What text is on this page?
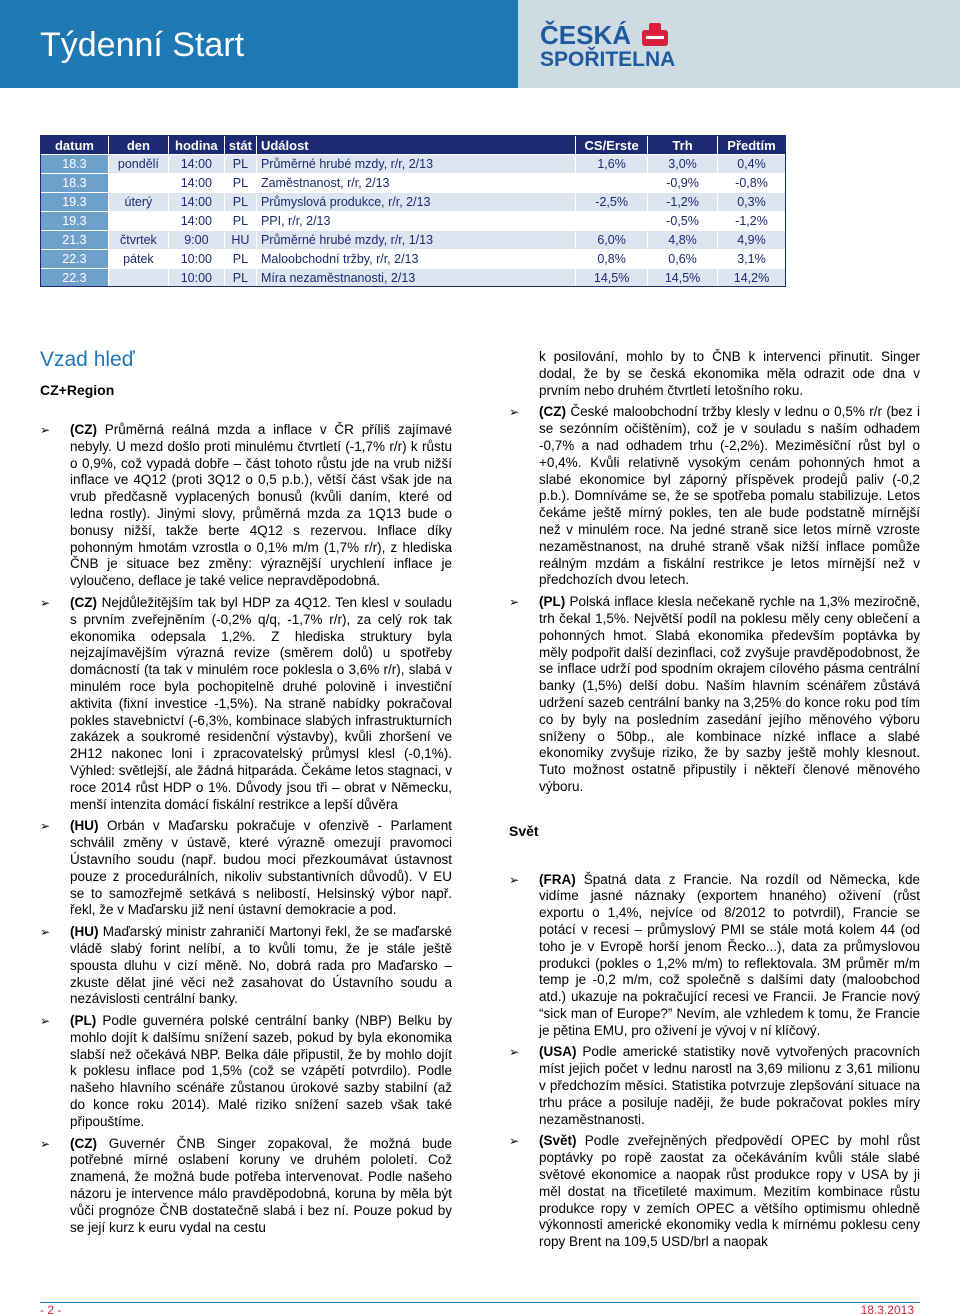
Týdenní Start	ČESKÁ
SPOŘITELNA
datum	den	hodina	stát	Událost	CS/Erste	Trh	Předtím
18.3	pondělí	14:00	PL	Průměrné hrubé mzdy, r/r, 2/13	1,6%	3,0%	0,4%
18.3		14:00	PL	Zaměstnanost, r/r, 2/13		-0,9%	-0,8%
19.3	úterý	14:00	PL	Průmyslová produkce, r/r, 2/13	-2,5%	-1,2%	0,3%
19.3		14:00	PL	PPI, r/r, 2/13		-0,5%	-1,2%
21.3	čtvrtek	9:00	HU	Průměrné hrubé mzdy, r/r, 1/13	6,0%	4,8%	4,9%
22.3	pátek	10:00	PL	Maloobchodní tržby, r/r, 2/13	0,8%	0,6%	3,1%
22.3		10:00	PL	Míra nezaměstnanosti, 2/13	14,5%	14,5%	14,2%
Vzad hleď
CZ+Region
➢ (CZ) Průměrná reálná mzda a inflace v ČR příliš zajímavé nebyly. U mezd došlo proti minulému čtvrtletí (-1,7% r/r) k růstu o 0,9%, což vypadá dobře – část tohoto růstu jde na vrub nižší inflace ve 4Q12 (proti 3Q12 o 0,5 p.b.), větší část však jde na vrub předčasně vyplacených bonusů (kvůli daním, které od ledna rostly). Jinými slovy, průměrná mzda za 1Q13 bude o bonusy nižší, takže berte 4Q12 s rezervou. Inflace díky pohonným hmotám vzrostla o 0,1% m/m (1,7% r/r), z hlediska ČNB je situace bez změny: výraznější urychlení inflace je vyloučeno, deflace je také velice nepravděpodobná.
➢ (CZ) Nejdůležitějším tak byl HDP za 4Q12. Ten klesl v souladu s prvním zveřejněním (-0,2% q/q, -1,7% r/r), za celý rok tak ekonomika odepsala 1,2%. Z hlediska struktury byla nejzajímavějším výrazná revize (směrem dolů) u spotřeby domácností (ta tak v minulém roce poklesla o 3,6% r/r), slabá v minulém roce byla pochopitelně druhé polovině i investiční aktivita (fixní investice -1,5%). Na straně nabídky pokračoval pokles stavebnictví (-6,3%, kombinace slabých infrastrukturních zakázek a soukromé residenční výstavby), kvůli zhoršení ve 2H12 nakonec loni i zpracovatelský průmysl klesl (-0,1%). Výhled: světlejší, ale žádná hitparáda. Čekáme letos stagnaci, v roce 2014 růst HDP o 1%. Důvody jsou tři – obrat v Německu, menší intenzita domácí fiskální restrikce a lepší důvěra
➢ (HU) Orbán v Maďarsku pokračuje v ofenzivě - Parlament schválil změny v ústavě, které výrazně omezují pravomoci Ústavního soudu (např. budou moci přezkoumávat ústavnost pouze z procedurálních, nikoliv substantivních důvodů). V EU se to samozřejmě setkává s nelibostí, Helsinský výbor např. řekl, že v Maďarsku již není ústavní demokracie a pod.
➢ (HU) Maďarský ministr zahraničí Martonyi řekl, že se maďarské vládě slabý forint nelíbí, a to kvůli tomu, že je stále ještě spousta dluhu v cizí měně. No, dobrá rada pro Maďarsko – zkuste dělat jiné věci než zasahovat do Ústavního soudu a nezávislosti centrální banky.
➢ (PL) Podle guvernéra polské centrální banky (NBP) Belku by mohlo dojít k dalšímu snížení sazeb, pokud by byla ekonomika slabší než očekává NBP. Belka dále připustil, že by mohlo dojít k poklesu inflace pod 1,5% (což se vzápětí potvrdilo). Podle našeho hlavního scénáře zůstanou úrokové sazby stabilní (až do konce roku 2014). Malé riziko snížení sazeb však také připouštíme.
➢ (CZ) Guvernér ČNB Singer zopakoval, že možná bude potřebné mírné oslabení koruny ve druhém pololetí. Což znamená, že možná bude potřeba intervenovat. Podle našeho názoru je intervence málo pravděpodobná, koruna by měla být vůči prognóze ČNB dostatečně slabá i bez ní. Pouze pokud by se její kurz k euru vydal na cestu
k posilování, mohlo by to ČNB k intervenci přinutit. Singer dodal, že by se česká ekonomika měla odrazit ode dna v prvním nebo druhém čtvrtletí letošního roku.
➢ (CZ) České maloobchodní tržby klesly v lednu o 0,5% r/r (bez i se sezónním očištěním), což je v souladu s naším odhadem -0,7% a nad odhadem trhu (-2,2%). Meziměsíční růst byl o +0,4%. Kvůli relativně vysokým cenám pohonných hmot a slabé ekonomice byl záporný příspěvek prodejů paliv (-0,2 p.b.). Domníváme se, že se spotřeba pomalu stabilizuje. Letos čekáme ještě mírný pokles, ten ale bude podstatně mírnější než v minulém roce. Na jedné straně sice letos mírně vzroste nezaměstnanost, na druhé straně však nižší inflace pomůže reálným mzdám a fiskální restrikce je letos mírnější než v předchozích dvou letech.
➢ (PL) Polská inflace klesla nečekaně rychle na 1,3% meziročně, trh čekal 1,5%. Největší podíl na poklesu měly ceny oblečení a pohonných hmot. Slabá ekonomika především poptávka by měly podpořit další dezinflaci, což zvyšuje pravděpodobnost, že se inflace udrží pod spodním okrajem cílového pásma centrální banky (1,5%) delší dobu. Naším hlavním scénářem zůstává udržení sazeb centrální banky na 3,25% do konce roku pod tím co by byly na posledním zasedání jejího měnového výboru sníženy o 50bp., ale kombinace nízké inflace a slabé ekonomiky zvyšuje riziko, že by sazby ještě mohly klesnout. Tuto možnost ostatně připustily i někteří členové měnového výboru.
Svět
➢ (FRA) Špatná data z Francie. Na rozdíl od Německa, kde vidíme jasné náznaky (exportem hnaného) oživení (růst exportu o 1,4%, nejvíce od 8/2012 to potvrdil), Francie se potácí v recesi – průmyslový PMI se stále motá kolem 44 (od toho je v Evropě horší jenom Řecko...), data za průmyslovou produkci (pokles o 1,2% m/m) to reflektovala. 3M průměr m/m temp je -0,2 m/m, což společně s dalšími daty (maloobchod atd.) ukazuje na pokračující recesi ve Francii. Je Francie nový “sick man of Europe?” Nevím, ale vzhledem k tomu, že Francie je pětina EMU, pro oživení je vývoj v ní klíčový.
➢ (USA) Podle americké statistiky nově vytvořených pracovních míst jejich počet v lednu narostl na 3,69 milionu z 3,61 milionu v předchozím měsíci. Statistika potvrzuje zlepšování situace na trhu práce a posiluje naději, že bude pokračovat pokles míry nezaměstnanosti.
➢ (Svět) Podle zveřejněných předpovědí OPEC by mohl růst poptávky po ropě zaostat za očekáváním kvůli stále slabé světové ekonomice a naopak růst produkce ropy v USA by ji měl dostat na třicetileté maximum. Mezitím kombinace růstu produkce ropy v zemích OPEC a většího optimismu ohledně výkonnosti americké ekonomiky vedla k mírnému poklesu ceny ropy Brent na 109,5 USD/brl a naopak
- 2 -	18.3.2013
